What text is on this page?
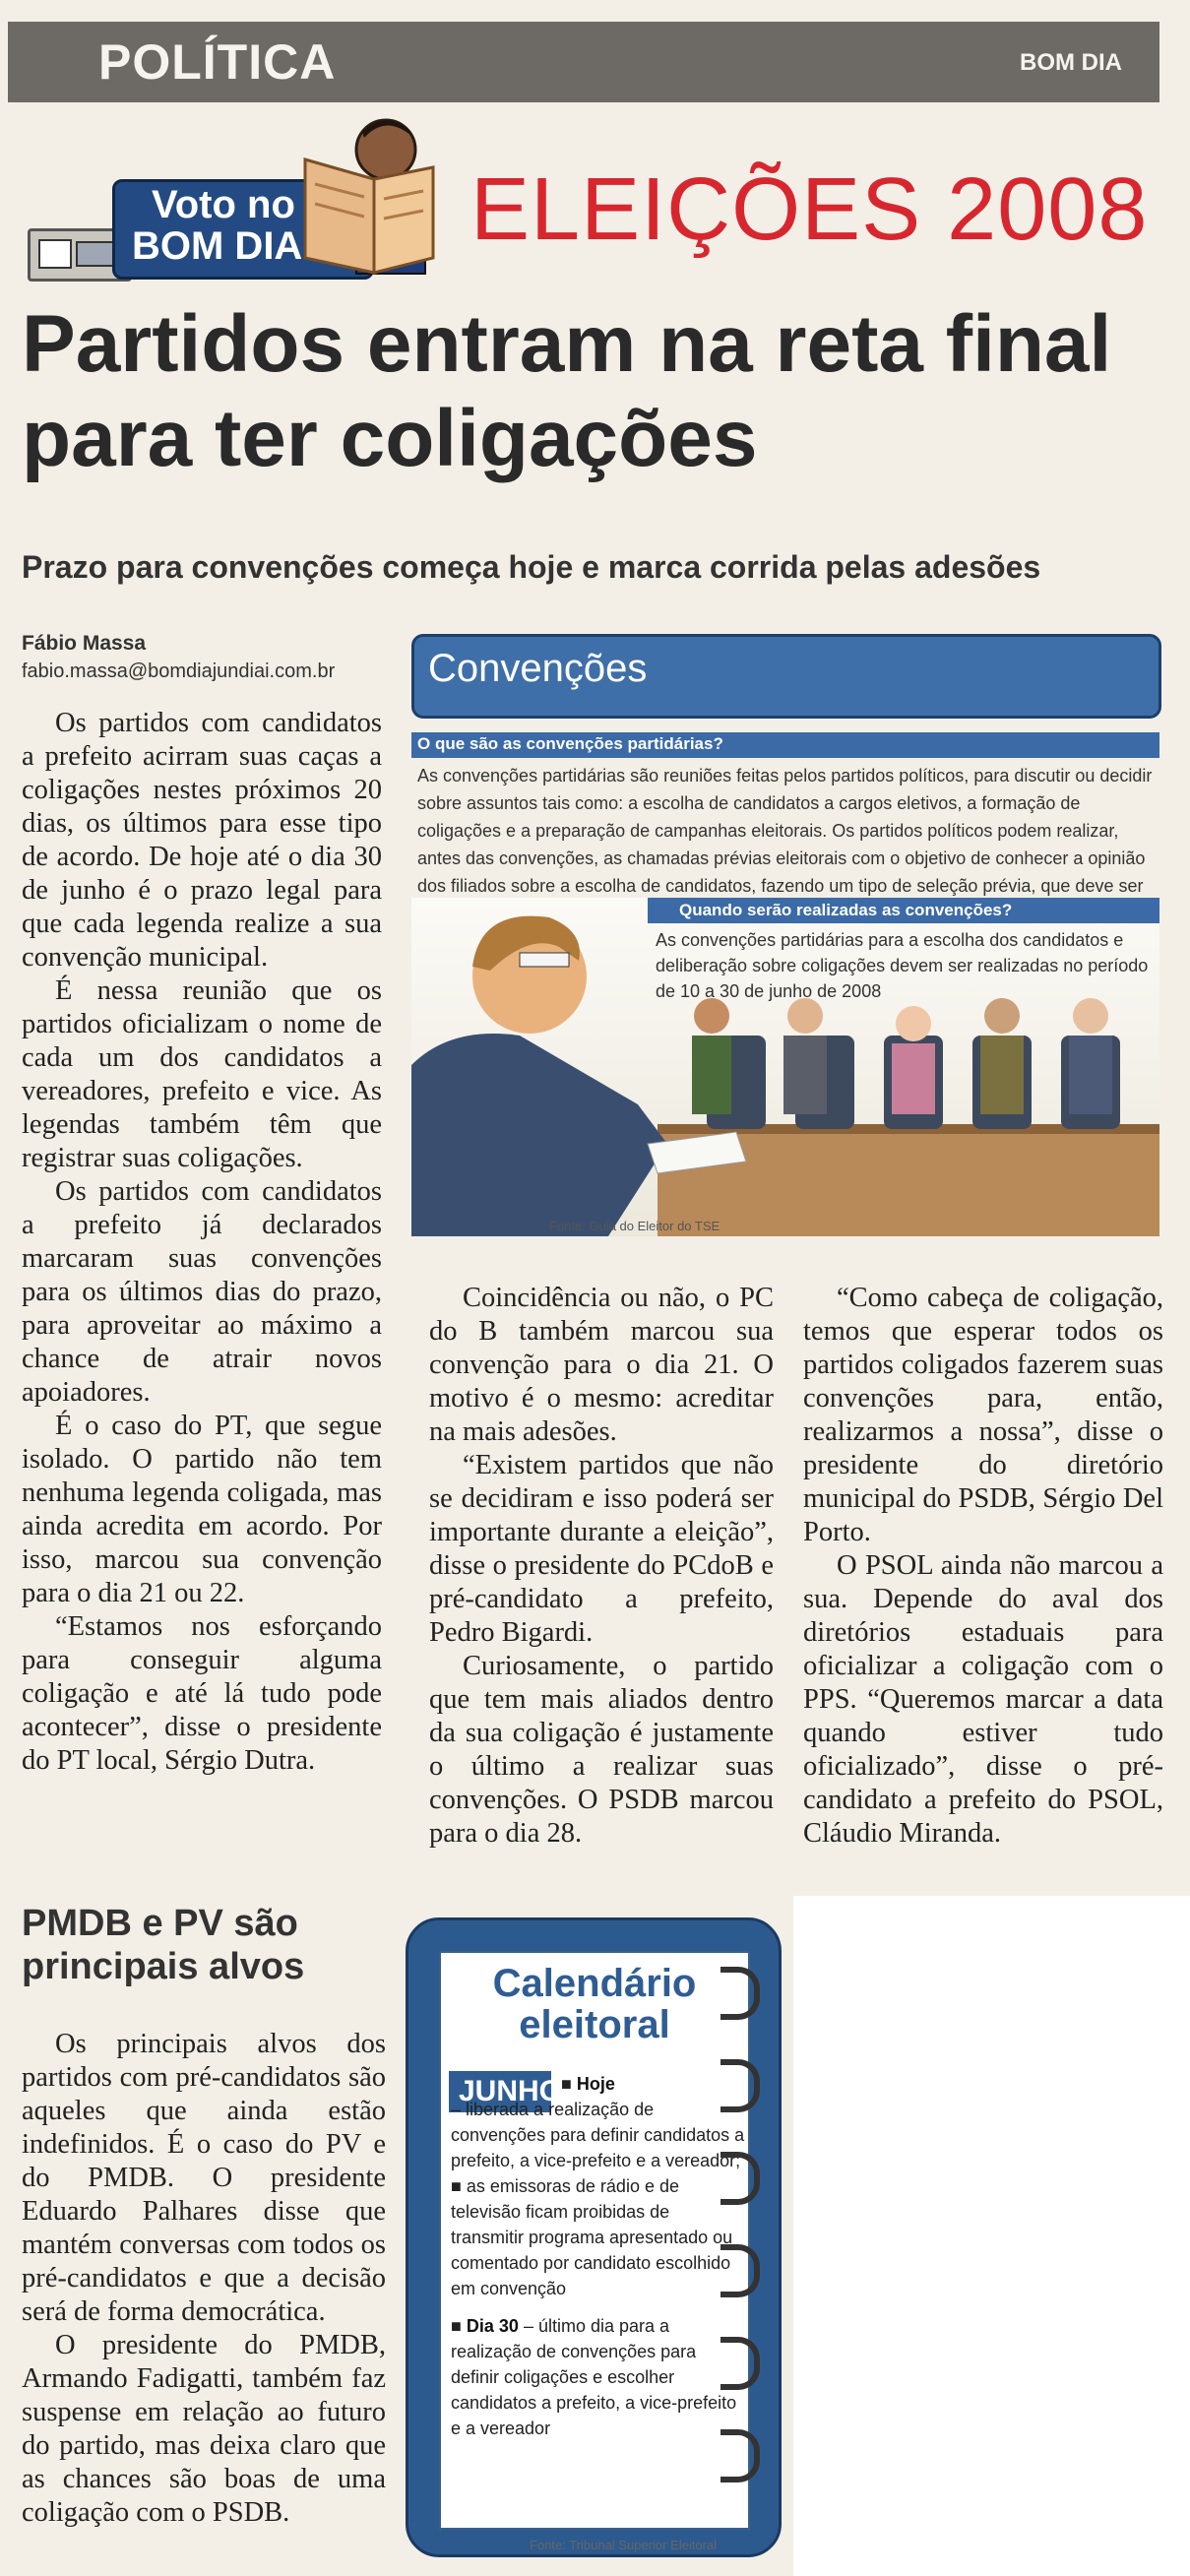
POLÍTICA	BOM DIA
Voto no
BOM DIA ELEIÇÕES 2008
Partidos entram na reta final para ter coligações
Prazo para convenções começa hoje e marca corrida pelas adesões
Fábio Massa
fabio.massa@bomdiajundiai.com.br

Os partidos com candidatos a prefeito acirram suas caças a coligações nestes próximos 20 dias, os últimos para esse tipo de acordo. De hoje até o dia 30 de junho é o prazo legal para que cada legenda realize a sua convenção municipal.

É nessa reunião que os partidos oficializam o nome de cada um dos candidatos a vereadores, prefeito e vice. As legendas também têm que registrar suas coligações.

Os partidos com candidatos a prefeito já declarados marcaram suas convenções para os últimos dias do prazo, para aproveitar ao máximo a chance de atrair novos apoiadores.

É o caso do PT, que segue isolado. O partido não tem nenhuma legenda coligada, mas ainda acredita em acordo. Por isso, marcou sua convenção para o dia 21 ou 22.

“Estamos nos esforçando para conseguir alguma coligação e até lá tudo pode acontecer”, disse o presidente do PT local, Sérgio Dutra.

Convenções
O que são as convenções partidárias?
As convenções partidárias são reuniões feitas pelos partidos políticos, para discutir ou decidir sobre assuntos tais como: a escolha de candidatos a cargos eletivos, a formação de coligações e a preparação de campanhas eleitorais. Os partidos políticos podem realizar, antes das convenções, as chamadas prévias eleitorais com o objetivo de conhecer a opinião dos filiados sobre a escolha de candidatos, fazendo um tipo de seleção prévia, que deve ser
Quando serão realizadas as convenções?
As convenções partidárias para a escolha dos candidatos e deliberação sobre coligações devem ser realizadas no período de 10 a 30 de junho de 2008
Fonte: Guia do Eleitor do TSE

Coincidência ou não, o PC do B também marcou sua convenção para o dia 21. O motivo é o mesmo: acreditar na mais adesões.

“Existem partidos que não se decidiram e isso poderá ser importante durante a eleição”, disse o presidente do PCdoB e pré-candidato a prefeito, Pedro Bigardi.

Curiosamente, o partido que tem mais aliados dentro da sua coligação é justamente o último a realizar suas convenções. O PSDB marcou para o dia 28.

“Como cabeça de coligação, temos que esperar todos os partidos coligados fazerem suas convenções para, então, realizarmos a nossa”, disse o presidente do diretório municipal do PSDB, Sérgio Del Porto.

O PSOL ainda não marcou a sua. Depende do aval dos diretórios estaduais para oficializar a coligação com o PPS. “Queremos marcar a data quando estiver tudo oficializado”, disse o pré-candidato a prefeito do PSOL, Cláudio Miranda.

PMDB e PV são principais alvos

Os principais alvos dos partidos com pré-candidatos são aqueles que ainda estão indefinidos. É o caso do PV e do PMDB. O presidente Eduardo Palhares disse que mantém conversas com todos os pré-candidatos e que a decisão será de forma democrática.

O presidente do PMDB, Armando Fadigatti, também faz suspense em relação ao futuro do partido, mas deixa claro que as chances são boas de uma coligação com o PSDB.

Calendário
eleitoral
JUNHO
■ Hoje
– liberada a realização de convenções para definir candidatos a prefeito, a vice-prefeito e a vereador;
■ as emissoras de rádio e de televisão ficam proibidas de transmitir programa apresentado ou comentado por candidato escolhido em convenção
■ Dia 30 – último dia para a realização de convenções para definir coligações e escolher candidatos a prefeito, a vice-prefeito e a vereador
Fonte: Tribunal Superior Eleitoral
